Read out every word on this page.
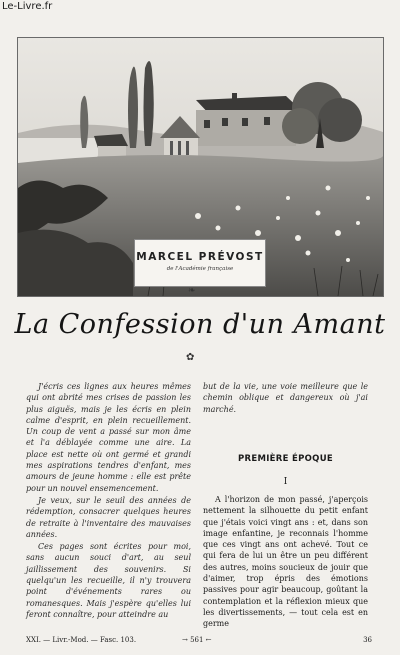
Le-Livre.fr
MARCEL PRÉVOST
de l'Académie française
❧
La Confession d'un Amant
✿

J'écris ces lignes aux heures mêmes qui ont abrité mes crises de passion les plus aiguës, mais je les écris en plein calme d'esprit, en plein recueillement. Un coup de vent a passé sur mon âme et l'a déblayée comme une aire. La place est nette où ont germé et grandi mes aspirations tendres d'enfant, mes amours de jeune homme : elle est prête pour un nouvel ensemencement.

Je veux, sur le seuil des années de rédemption, consacrer quelques heures de retraite à l'inventaire des mauvaises années.

Ces pages sont écrites pour moi, sans aucun souci d'art, au seul jaillissement des souvenirs. Si quelqu'un les recueille, il n'y trouvera point d'événements rares ou romanesques. Mais j'espère qu'elles lui feront connaître, pour atteindre au

but de la vie, une voie meilleure que le chemin oblique et dangereux où j'ai marché.

PREMIÈRE ÉPOQUE
I

A l'horizon de mon passé, j'aperçois nettement la silhouette du petit enfant que j'étais voici vingt ans : et, dans son image enfantine, je reconnais l'homme que ces vingt ans ont achevé. Tout ce qui fera de lui un être un peu différent des autres, moins soucieux de jouir que d'aimer, trop épris des émotions passives pour agir beaucoup, goûtant la contemplation et la réflexion mieux que les divertissements, — tout cela est en germe

XXI. — Livr.-Mod. — Fasc. 103.	→ 561 ←	36
